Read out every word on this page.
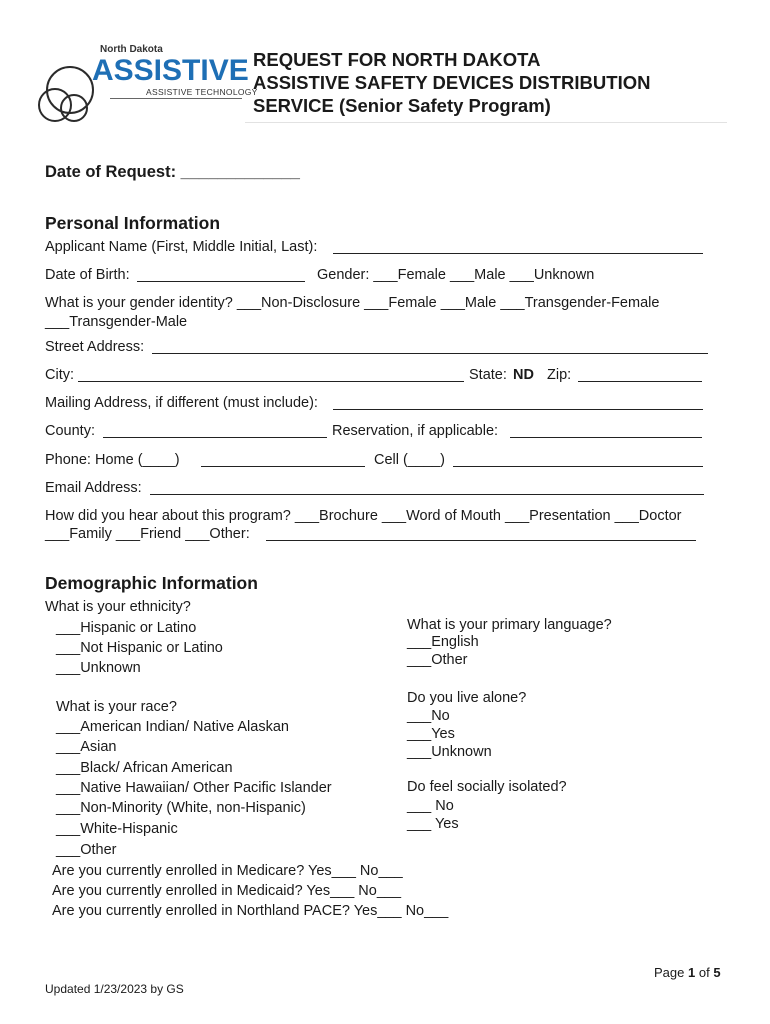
North Dakota
ASSISTIVE
ASSISTIVE TECHNOLOGY
REQUEST FOR NORTH DAKOTA
ASSISTIVE SAFETY DEVICES DISTRIBUTION
SERVICE (Senior Safety Program)
Date of Request: _____________
Personal Information
Applicant Name (First, Middle Initial, Last):
Date of Birth:	Gender: ___Female ___Male ___Unknown
What is your gender identity? ___Non-Disclosure ___Female ___Male ___Transgender-Female
___Transgender-Male
Street Address:
City:	State: ND Zip:
Mailing Address, if different (must include):
County:	Reservation, if applicable:
Phone: Home (____)	Cell (____)
Email Address:
How did you hear about this program? ___Brochure ___Word of Mouth ___Presentation ___Doctor
___Family ___Friend ___Other:
Demographic Information
What is your ethnicity?
___Hispanic or Latino
___Not Hispanic or Latino
___Unknown
What is your race?
___American Indian/ Native Alaskan
___Asian
___Black/ African American
___Native Hawaiian/ Other Pacific Islander
___Non-Minority (White, non-Hispanic)
___White-Hispanic
___Other
What is your primary language?
___English
___Other
Do you live alone?
___No
___Yes
___Unknown
Do feel socially isolated?
___ No
___ Yes
Are you currently enrolled in Medicare? Yes___ No___
Are you currently enrolled in Medicaid? Yes___ No___
Are you currently enrolled in Northland PACE? Yes___ No___
Page 1 of 5
Updated 1/23/2023 by GS
